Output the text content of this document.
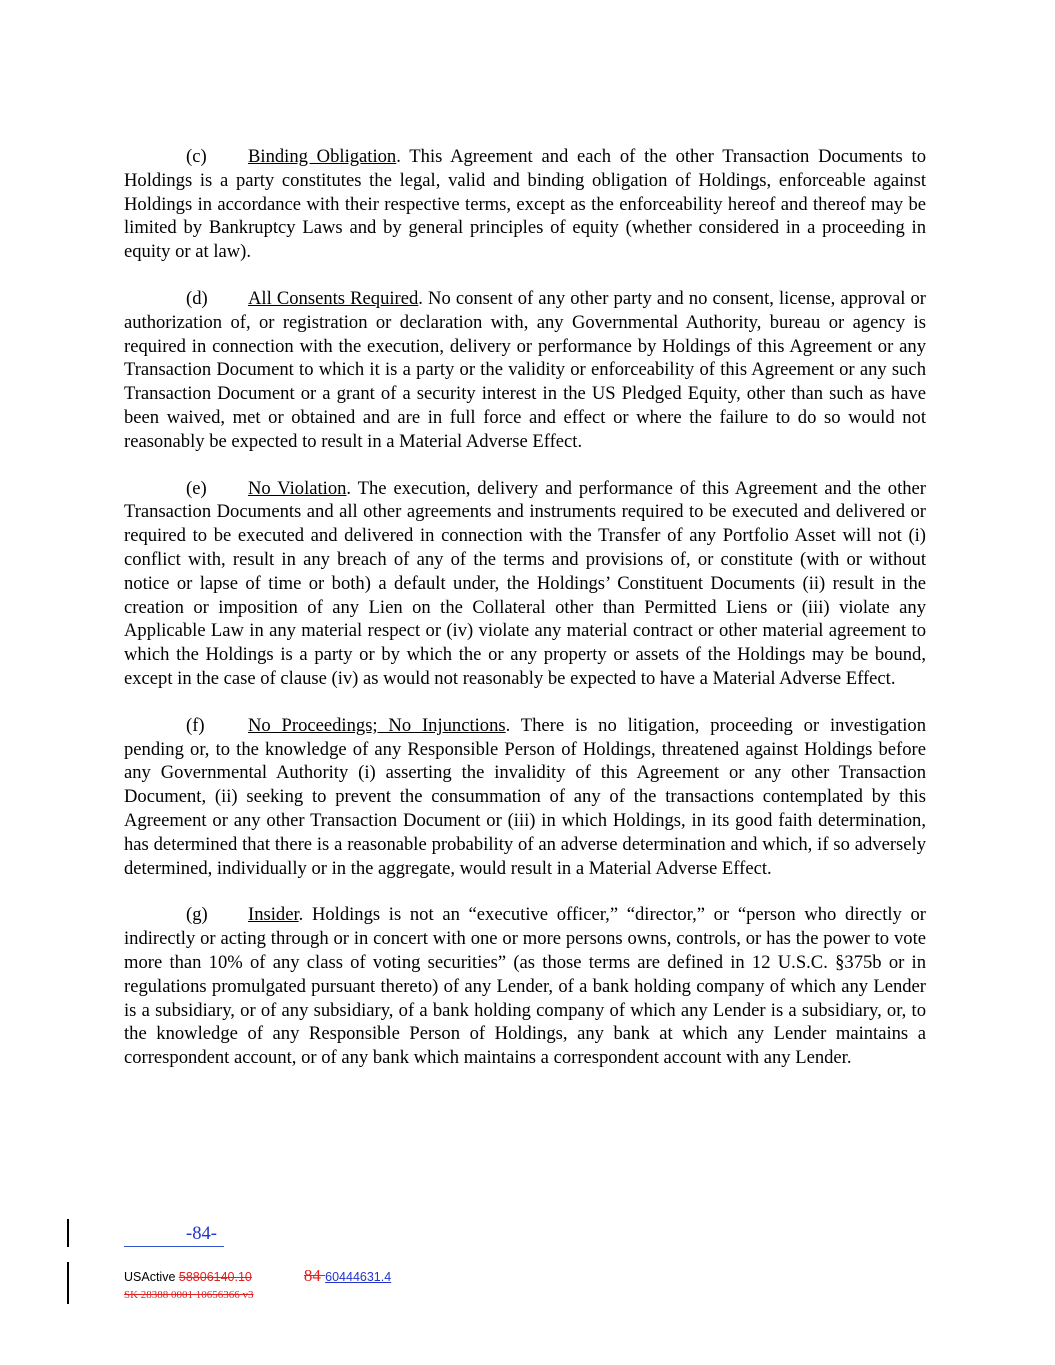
(c) Binding Obligation. This Agreement and each of the other Transaction Documents to Holdings is a party constitutes the legal, valid and binding obligation of Holdings, enforceable against Holdings in accordance with their respective terms, except as the enforceability hereof and thereof may be limited by Bankruptcy Laws and by general principles of equity (whether considered in a proceeding in equity or at law).

(d) All Consents Required. No consent of any other party and no consent, license, approval or authorization of, or registration or declaration with, any Governmental Authority, bureau or agency is required in connection with the execution, delivery or performance by Holdings of this Agreement or any Transaction Document to which it is a party or the validity or enforceability of this Agreement or any such Transaction Document or a grant of a security interest in the US Pledged Equity, other than such as have been waived, met or obtained and are in full force and effect or where the failure to do so would not reasonably be expected to result in a Material Adverse Effect.

(e) No Violation. The execution, delivery and performance of this Agreement and the other Transaction Documents and all other agreements and instruments required to be executed and delivered or required to be executed and delivered in connection with the Transfer of any Portfolio Asset will not (i) conflict with, result in any breach of any of the terms and provisions of, or constitute (with or without notice or lapse of time or both) a default under, the Holdings’ Constituent Documents (ii) result in the creation or imposition of any Lien on the Collateral other than Permitted Liens or (iii) violate any Applicable Law in any material respect or (iv) violate any material contract or other material agreement to which the Holdings is a party or by which the or any property or assets of the Holdings may be bound, except in the case of clause (iv) as would not reasonably be expected to have a Material Adverse Effect.

(f) No Proceedings; No Injunctions. There is no litigation, proceeding or investigation pending or, to the knowledge of any Responsible Person of Holdings, threatened against Holdings before any Governmental Authority (i) asserting the invalidity of this Agreement or any other Transaction Document, (ii) seeking to prevent the consummation of any of the transactions contemplated by this Agreement or any other Transaction Document or (iii) in which Holdings, in its good faith determination, has determined that there is a reasonable probability of an adverse determination and which, if so adversely determined, individually or in the aggregate, would result in a Material Adverse Effect.

(g) Insider. Holdings is not an “executive officer,” “director,” or “person who directly or indirectly or acting through or in concert with one or more persons owns, controls, or has the power to vote more than 10% of any class of voting securities” (as those terms are defined in 12 U.S.C. §375b or in regulations promulgated pursuant thereto) of any Lender, of a bank holding company of which any Lender is a subsidiary, or of any subsidiary, of a bank holding company of which any Lender is a subsidiary, or, to the knowledge of any Responsible Person of Holdings, any bank at which any Lender maintains a correspondent account, or of any bank which maintains a correspondent account with any Lender.

-84-
USActive 58806140.10	84 60444631.4
SK 28388 0001 10656366 v3
